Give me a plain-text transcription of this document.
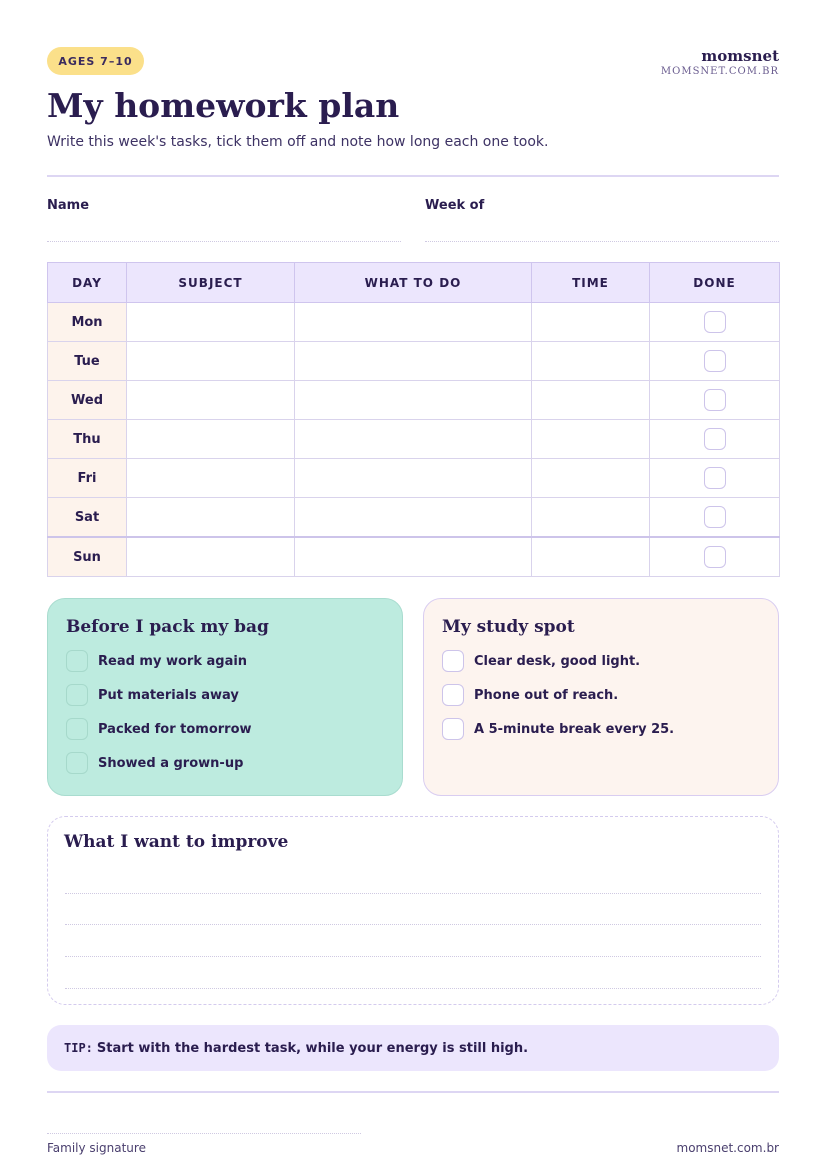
AGES 7–10	momsnet
MOMSNET.COM.BR
My homework plan
Write this week's tasks, tick them off and note how long each one took.
Name	Week of
DAY	SUBJECT	WHAT TO DO	TIME	DONE
Mon				
Tue				
Wed				
Thu				
Fri				
Sat				
Sun				
Before I pack my bag
Read my work again
Put materials away
Packed for tomorrow
Showed a grown-up
My study spot
Clear desk, good light.
Phone out of reach.
A 5-minute break every 25.
What I want to improve
TIP: Start with the hardest task, while your energy is still high.
Family signature	momsnet.com.br
